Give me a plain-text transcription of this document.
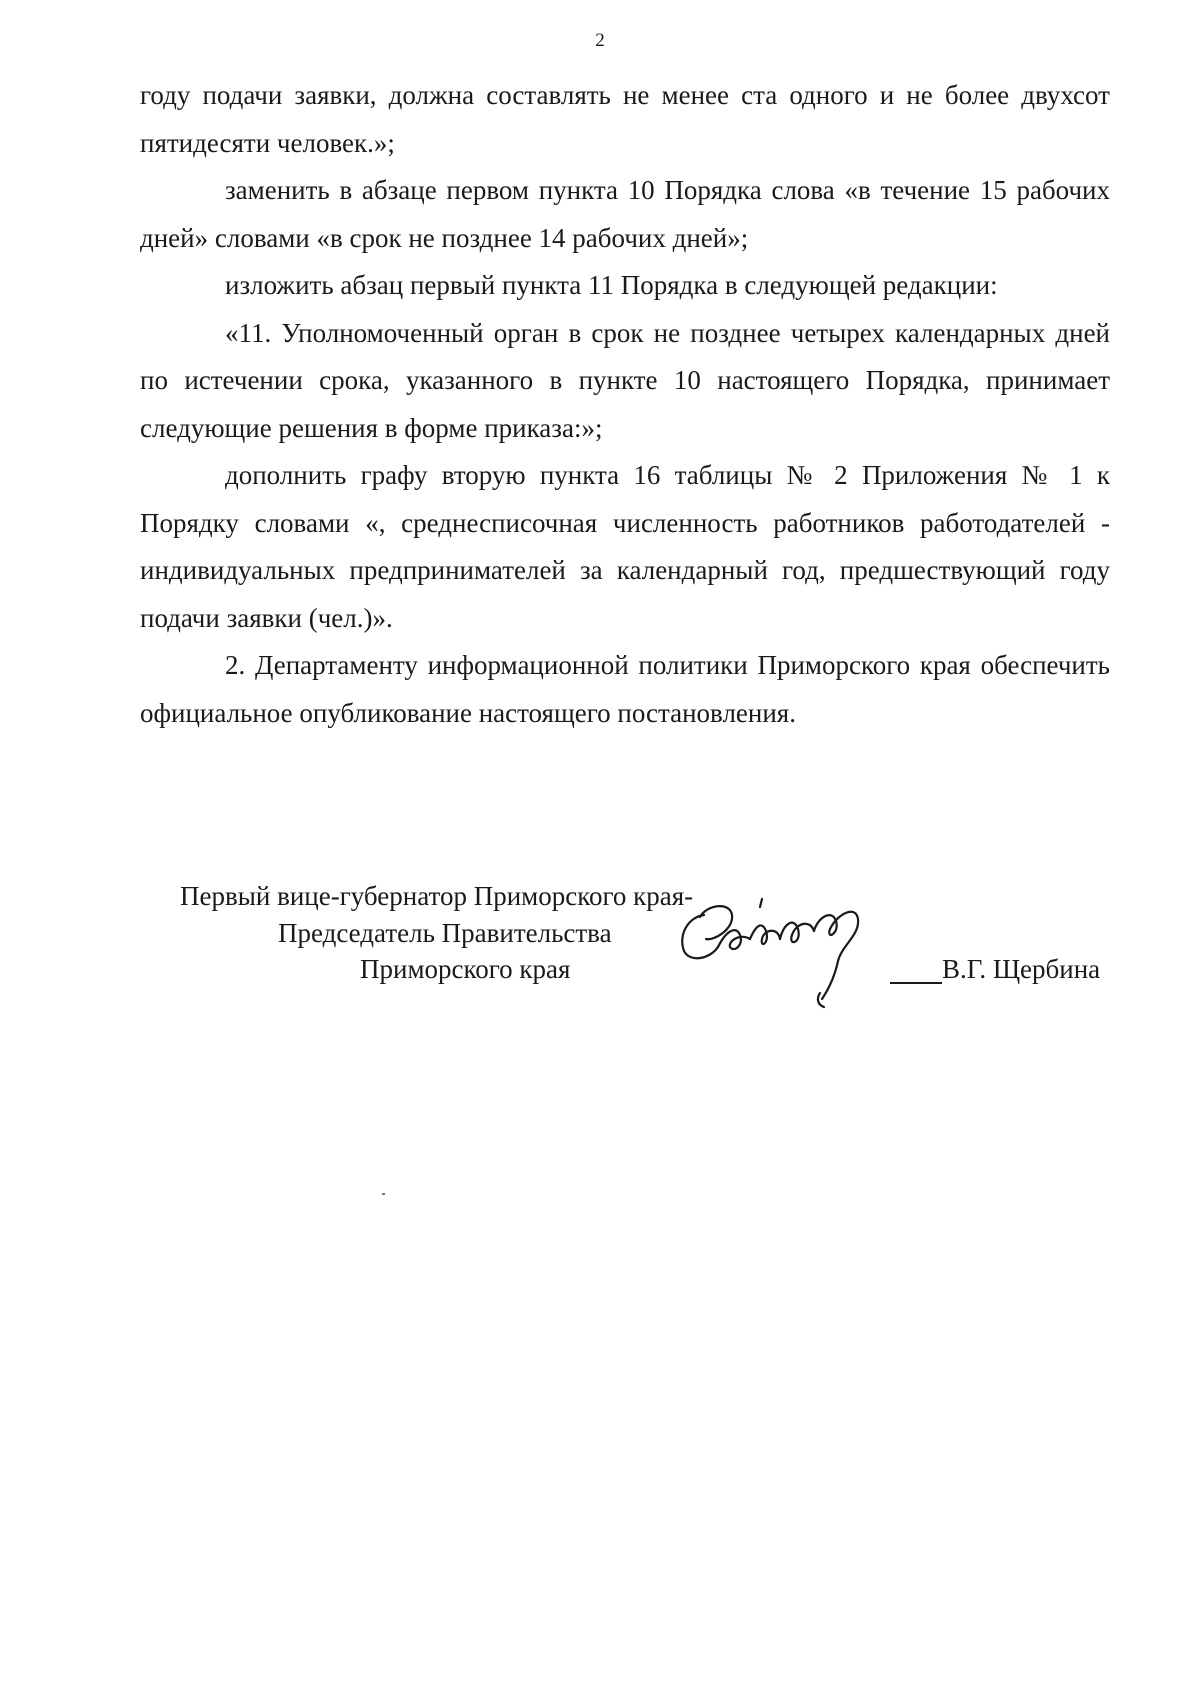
2

году подачи заявки, должна составлять не менее ста одного и не более двухсот пятидесяти человек.»;

заменить в абзаце первом пункта 10 Порядка слова «в течение 15 рабочих дней» словами «в срок не позднее 14 рабочих дней»;

изложить абзац первый пункта 11 Порядка в следующей редакции:

«11. Уполномоченный орган в срок не позднее четырех календарных дней по истечении срока, указанного в пункте 10 настоящего Порядка, принимает следующие решения в форме приказа:»;

дополнить графу вторую пункта 16 таблицы № 2 Приложения № 1 к Порядку словами «, среднесписочная численность работников работодателей - индивидуальных предпринимателей за календарный год, предшествующий году подачи заявки (чел.)».

2. Департаменту информационной политики Приморского края обеспечить официальное опубликование настоящего постановления.

Первый вице-губернатор Приморского края-
Председатель Правительства
Приморского края	В.Г. Щербина
